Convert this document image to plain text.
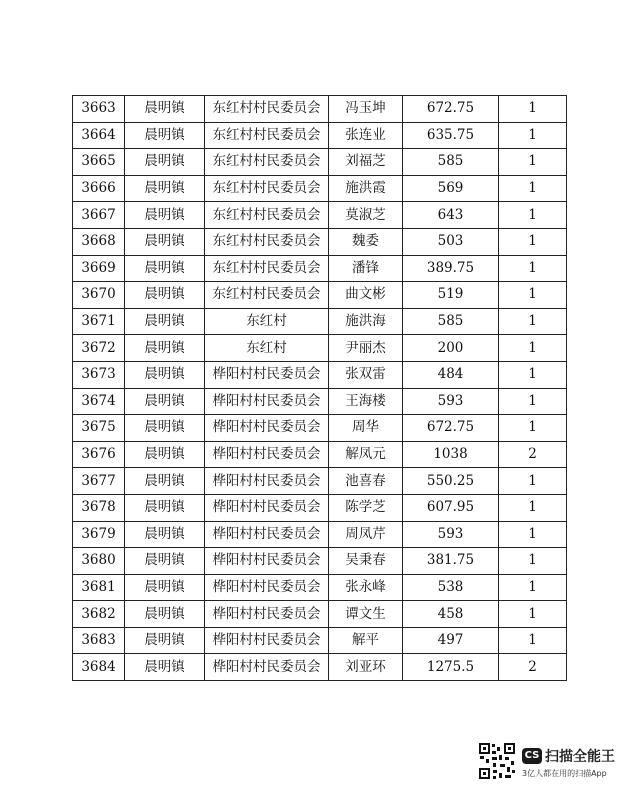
3663	晨明镇	东红村村民委员会	冯玉坤	672.75	1
3664	晨明镇	东红村村民委员会	张连业	635.75	1
3665	晨明镇	东红村村民委员会	刘福芝	585	1
3666	晨明镇	东红村村民委员会	施洪霞	569	1
3667	晨明镇	东红村村民委员会	莫淑芝	643	1
3668	晨明镇	东红村村民委员会	魏委	503	1
3669	晨明镇	东红村村民委员会	潘锋	389.75	1
3670	晨明镇	东红村村民委员会	曲文彬	519	1
3671	晨明镇	东红村	施洪海	585	1
3672	晨明镇	东红村	尹丽杰	200	1
3673	晨明镇	桦阳村村民委员会	张双雷	484	1
3674	晨明镇	桦阳村村民委员会	王海楼	593	1
3675	晨明镇	桦阳村村民委员会	周华	672.75	1
3676	晨明镇	桦阳村村民委员会	解凤元	1038	2
3677	晨明镇	桦阳村村民委员会	池喜春	550.25	1
3678	晨明镇	桦阳村村民委员会	陈学芝	607.95	1
3679	晨明镇	桦阳村村民委员会	周凤芹	593	1
3680	晨明镇	桦阳村村民委员会	吴秉春	381.75	1
3681	晨明镇	桦阳村村民委员会	张永峰	538	1
3682	晨明镇	桦阳村村民委员会	谭文生	458	1
3683	晨明镇	桦阳村村民委员会	解平	497	1
3684	晨明镇	桦阳村村民委员会	刘亚环	1275.5	2
CS 扫描全能王
3亿人都在用的扫描App
